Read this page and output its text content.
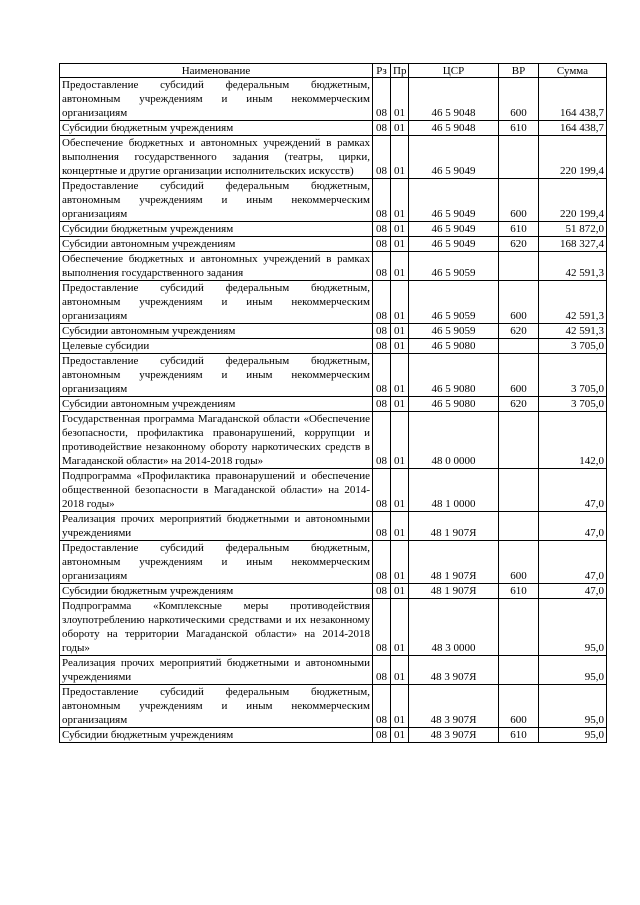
Наименование	Рз	Пр	ЦСР	ВР	Сумма
Предоставление субсидий федеральным бюджетным, автономным учреждениям и иным некоммерческим организациям	08	01	46 5 9048	600	164 438,7
Субсидии бюджетным учреждениям	08	01	46 5 9048	610	164 438,7
Обеспечение бюджетных и автономных учреждений в рамках выполнения государственного задания (театры, цирки, концертные и другие организации исполнительских искусств)	08	01	46 5 9049		220 199,4
Предоставление субсидий федеральным бюджетным, автономным учреждениям и иным некоммерческим организациям	08	01	46 5 9049	600	220 199,4
Субсидии бюджетным учреждениям	08	01	46 5 9049	610	51 872,0
Субсидии автономным учреждениям	08	01	46 5 9049	620	168 327,4
Обеспечение бюджетных и автономных учреждений в рамках выполнения государственного задания	08	01	46 5 9059		42 591,3
Предоставление субсидий федеральным бюджетным, автономным учреждениям и иным некоммерческим организациям	08	01	46 5 9059	600	42 591,3
Субсидии автономным учреждениям	08	01	46 5 9059	620	42 591,3
Целевые субсидии	08	01	46 5 9080		3 705,0
Предоставление субсидий федеральным бюджетным, автономным учреждениям и иным некоммерческим организациям	08	01	46 5 9080	600	3 705,0
Субсидии автономным учреждениям	08	01	46 5 9080	620	3 705,0
Государственная программа Магаданской области «Обеспечение безопасности, профилактика правонарушений, коррупции и противодействие незаконному обороту наркотических средств в Магаданской области» на 2014-2018 годы»	08	01	48 0 0000		142,0
Подпрограмма «Профилактика правонарушений и обеспечение общественной безопасности в Магаданской области» на 2014-2018 годы»	08	01	48 1 0000		47,0
Реализация прочих мероприятий бюджетными и автономными учреждениями	08	01	48 1 907Я		47,0
Предоставление субсидий федеральным бюджетным, автономным учреждениям и иным некоммерческим организациям	08	01	48 1 907Я	600	47,0
Субсидии бюджетным учреждениям	08	01	48 1 907Я	610	47,0
Подпрограмма «Комплексные меры противодействия злоупотреблению наркотическими средствами и их незаконному обороту на территории Магаданской области» на 2014-2018 годы»	08	01	48 3 0000		95,0
Реализация прочих мероприятий бюджетными и автономными учреждениями	08	01	48 3 907Я		95,0
Предоставление субсидий федеральным бюджетным, автономным учреждениям и иным некоммерческим организациям	08	01	48 3 907Я	600	95,0
Субсидии бюджетным учреждениям	08	01	48 3 907Я	610	95,0
